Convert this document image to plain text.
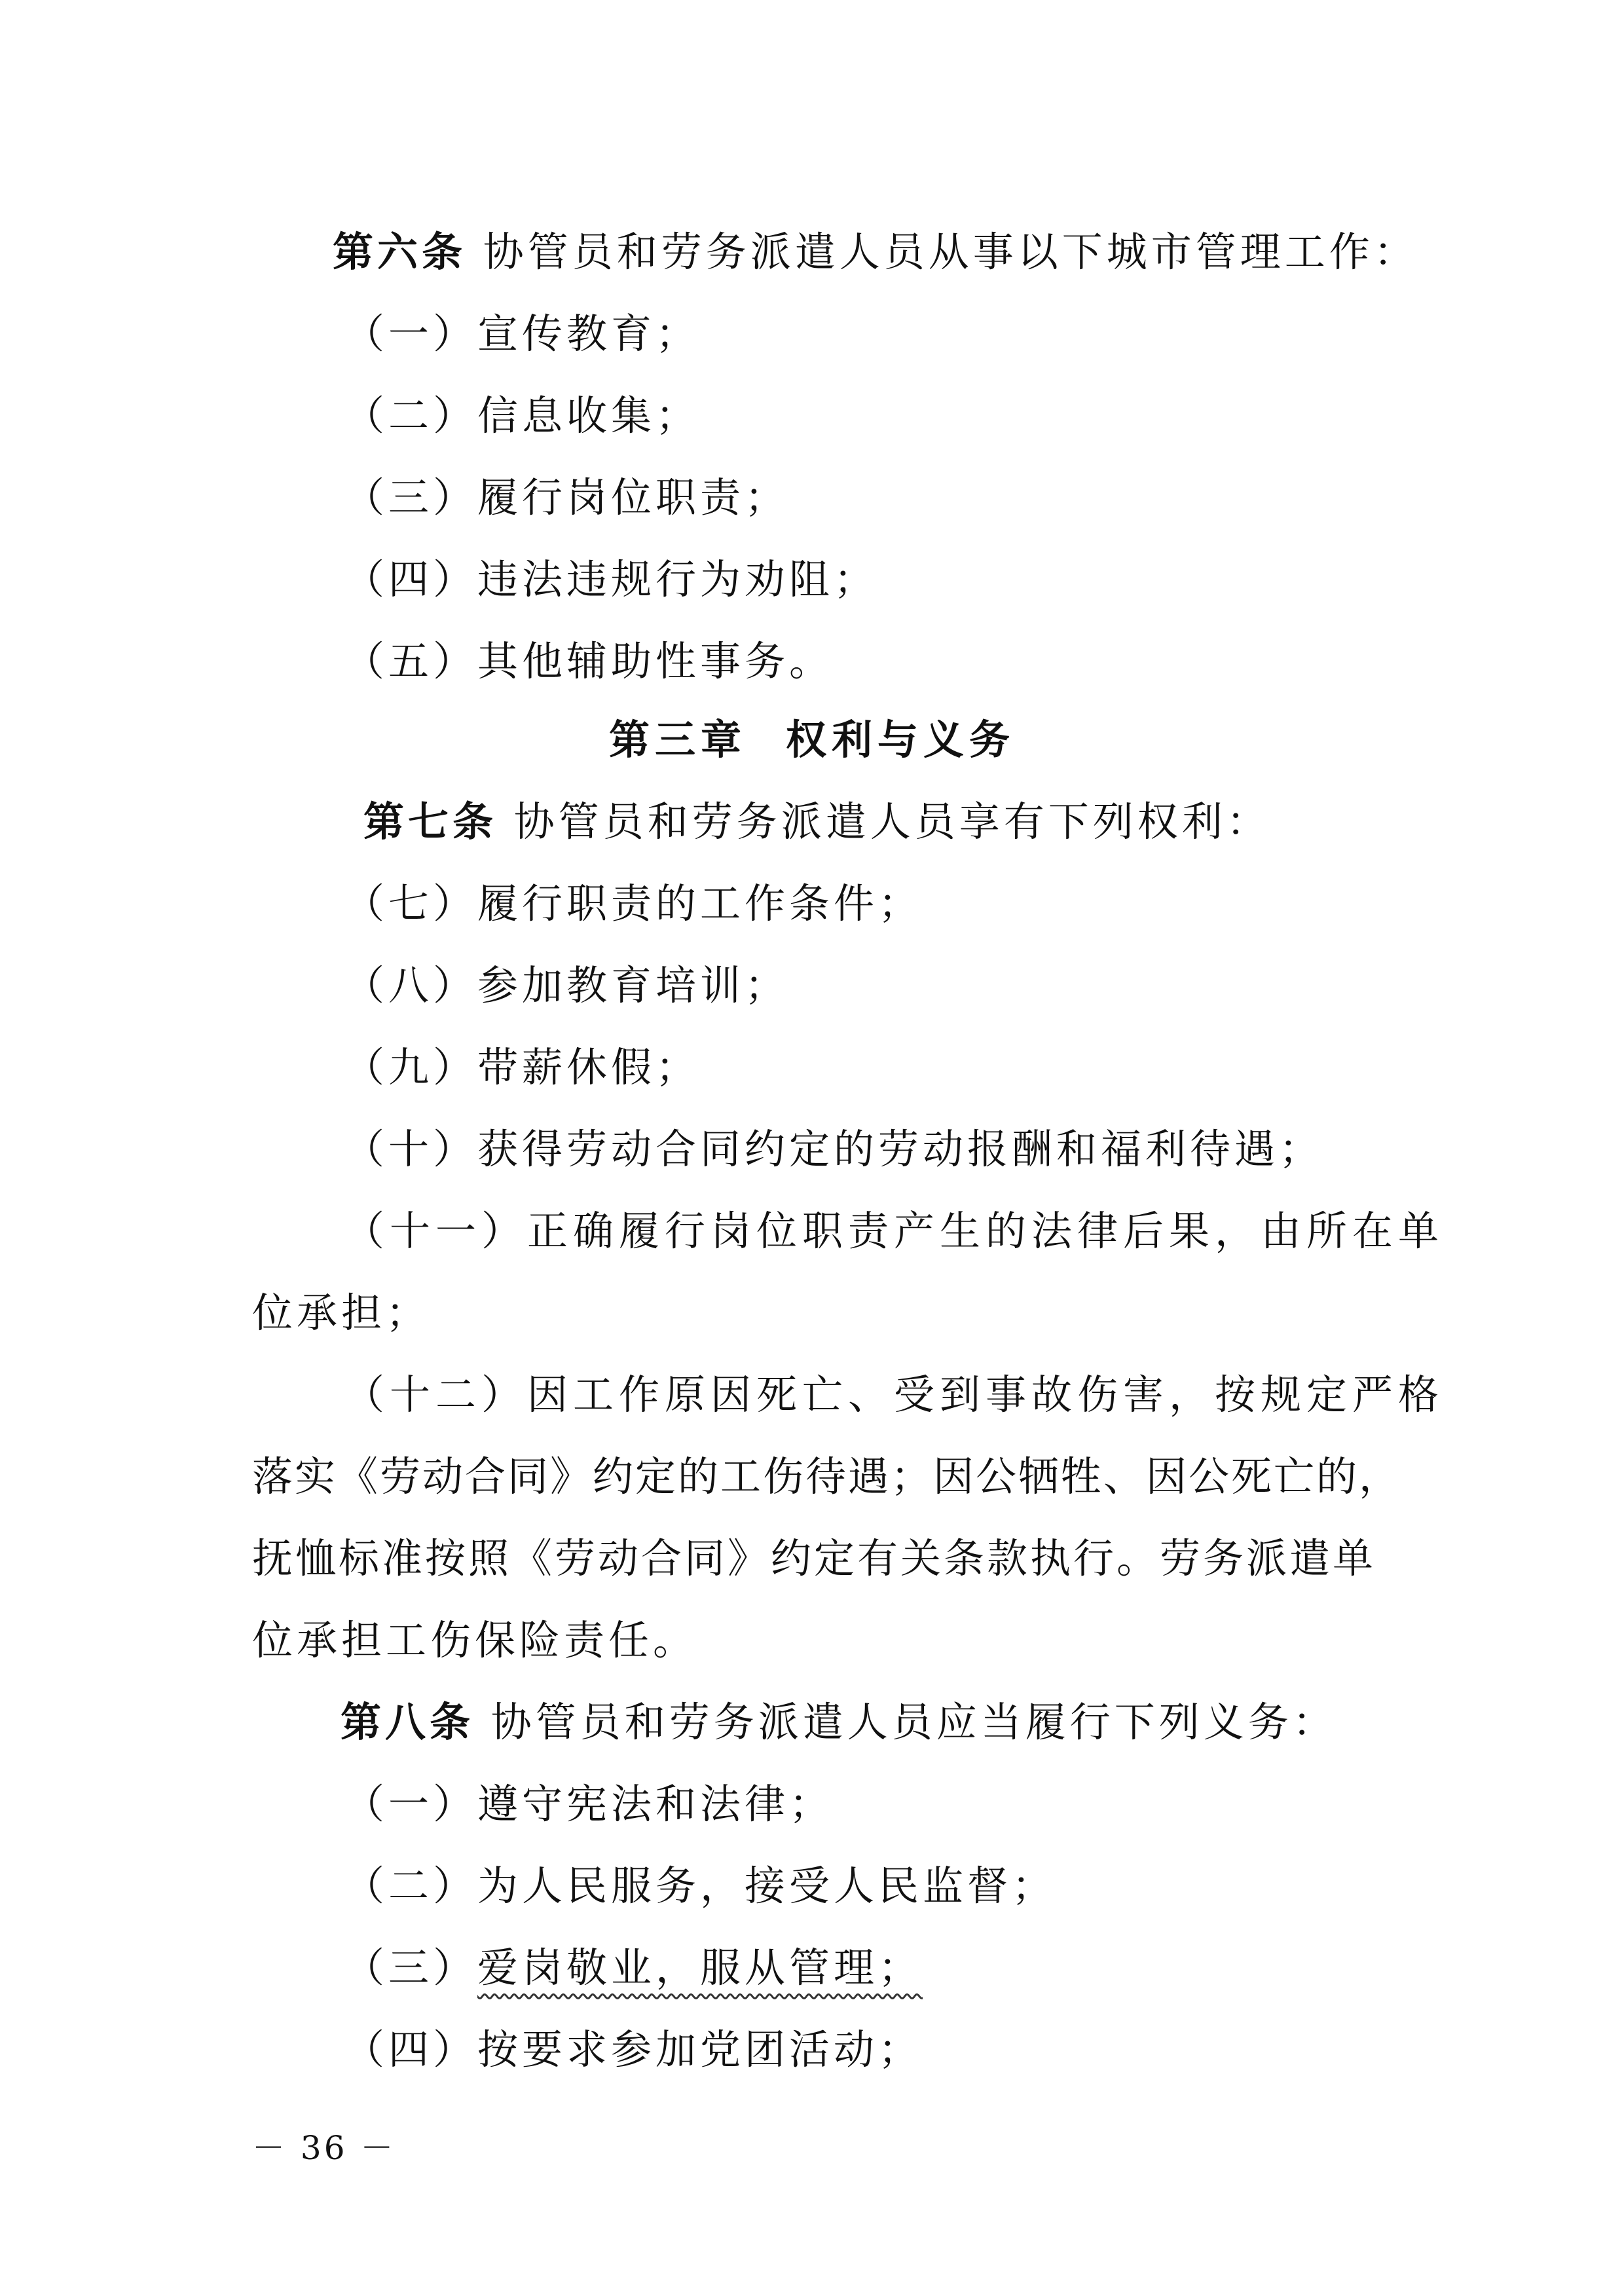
第六条 协管员和劳务派遣人员从事以下城市管理工作：
（一）宣传教育；
（二）信息收集；
（三）履行岗位职责；
（四）违法违规行为劝阻；
（五）其他辅助性事务。
第三章 权利与义务
第七条 协管员和劳务派遣人员享有下列权利：
（七）履行职责的工作条件；
（八）参加教育培训；
（九）带薪休假；
（十）获得劳动合同约定的劳动报酬和福利待遇；
（十一）正确履行岗位职责产生的法律后果，由所在单
位承担；
（十二）因工作原因死亡、受到事故伤害，按规定严格
落实《劳动合同》约定的工伤待遇；因公牺牲、因公死亡的，
抚恤标准按照《劳动合同》约定有关条款执行。劳务派遣单
位承担工伤保险责任。
第八条 协管员和劳务派遣人员应当履行下列义务：
（一）遵守宪法和法律；
（二）为人民服务，接受人民监督；
（三）爱岗敬业，服从管理；
（四）按要求参加党团活动；
－ 36 －
